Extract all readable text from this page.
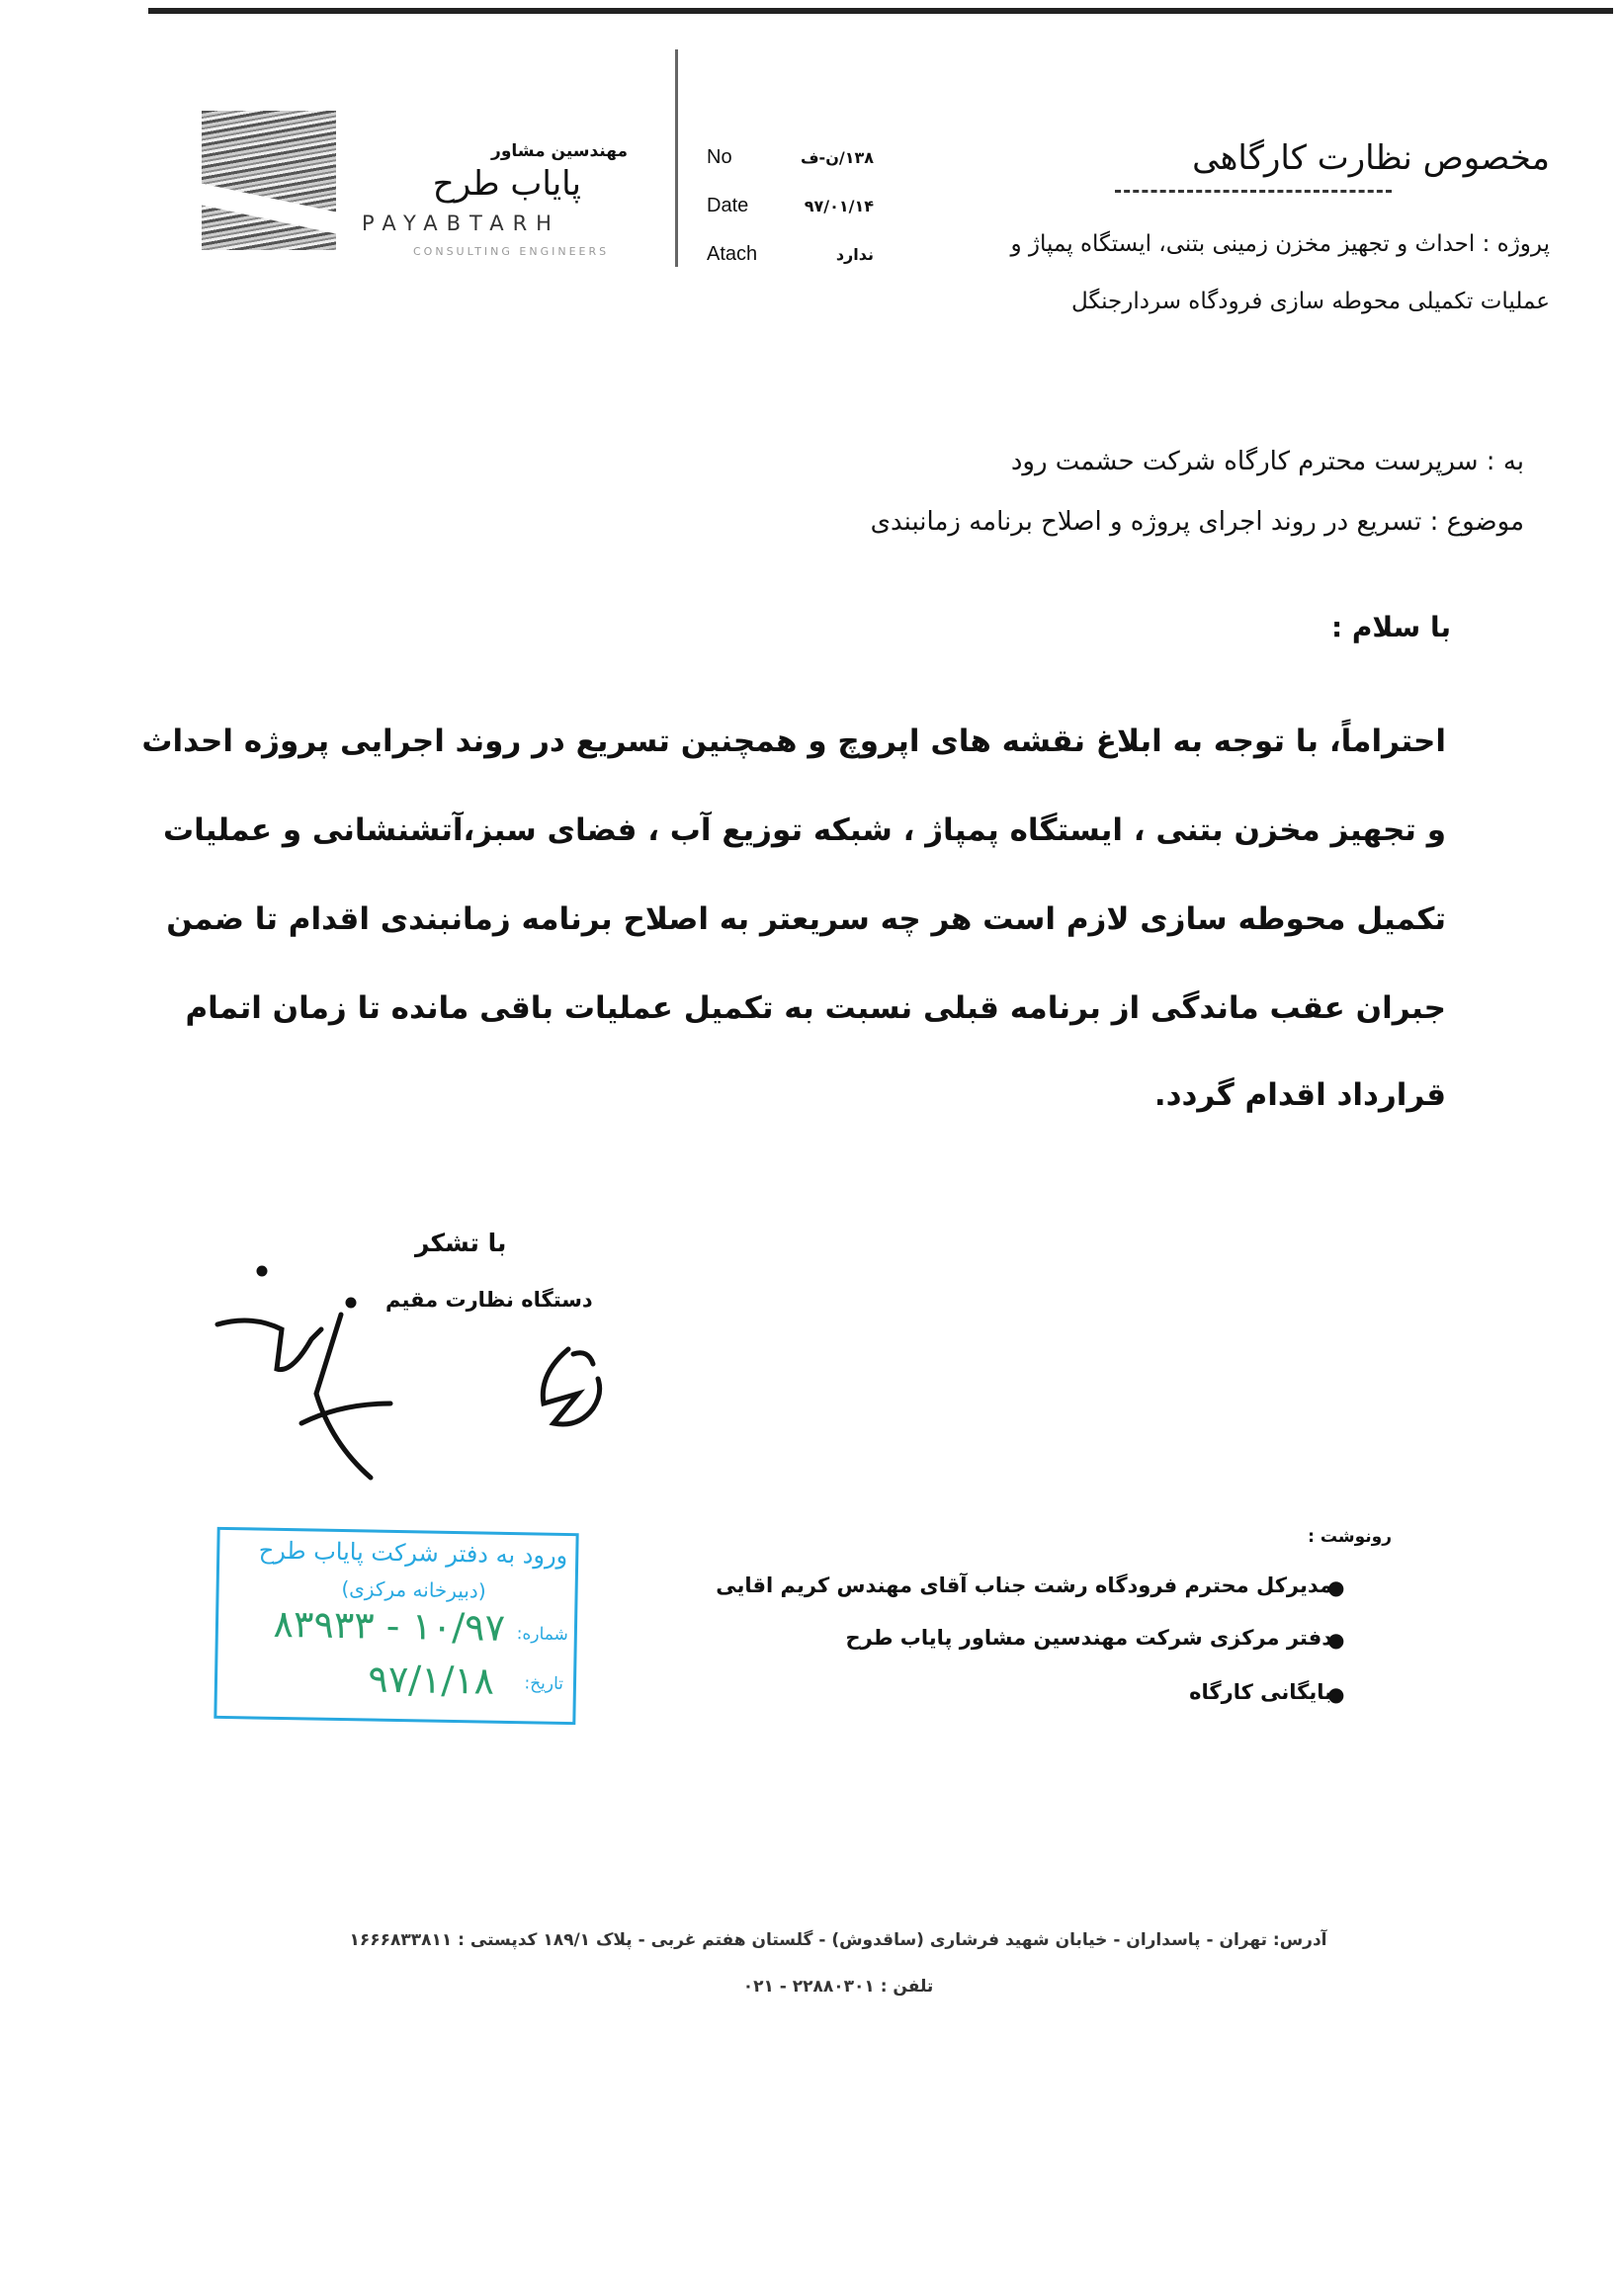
مهندسین مشاور
پایاب طرح
PAYABTARH
CONSULTING ENGINEERS
No	۱۳۸/ن-ف
Date	۹۷/۰۱/۱۴
Atach	ندارد
مخصوص نظارت کارگاهی
پروژه : احداث و تجهیز مخزن زمینی بتنی، ایستگاه پمپاژ و
عملیات تکمیلی محوطه سازی فرودگاه سردارجنگل
به : سرپرست محترم کارگاه شرکت حشمت رود
موضوع : تسریع در روند اجرای پروژه و اصلاح برنامه زمانبندی
با سلام :
احتراماً، با توجه به ابلاغ نقشه های اپروچ و همچنین تسریع در روند اجرایی پروژه احداث
و تجهیز مخزن بتنی ، ایستگاه پمپاژ ، شبکه توزیع آب ، فضای سبز،آتشنشانی و عملیات
تکمیل محوطه سازی لازم است هر چه سریعتر به اصلاح برنامه زمانبندی اقدام تا ضمن
جبران عقب ماندگی از برنامه قبلی نسبت به تکمیل عملیات باقی مانده تا زمان اتمام
قرارداد اقدام گردد.
با تشکر
دستگاه نظارت مقیم
ورود به دفتر شرکت پایاب طرح
(دبیرخانه مرکزی)
شماره:
۱۰/۹۷ - ۸۳۹۳۳
تاریخ:
۹۷/۱/۱۸
رونوشت :
●
مدیرکل محترم فرودگاه رشت جناب آقای مهندس کریم اقایی
●
دفتر مرکزی شرکت مهندسین مشاور پایاب طرح
●
بایگانی کارگاه
آدرس: تهران - پاسداران - خیابان شهید فرشاری (ساقدوش) - گلستان هفتم غربی - پلاک ۱۸۹/۱ کدپستی : ۱۶۶۶۸۳۳۸۱۱
تلفن : ۲۲۸۸۰۳۰۱ - ۰۲۱
